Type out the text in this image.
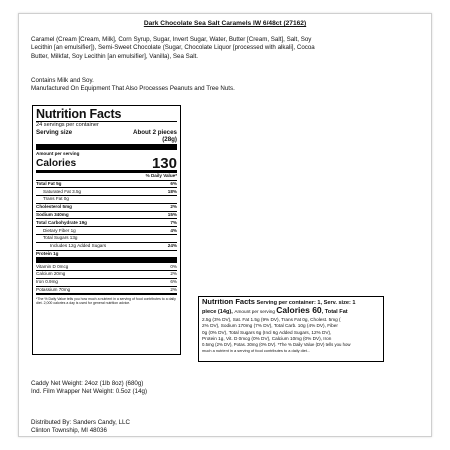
Dark Chocolate Sea Salt Caramels IW 6/48ct (27162)
Caramel (Cream [Cream, Milk], Corn Syrup, Sugar, Invert Sugar, Water, Butter [Cream, Salt], Salt, Soy
Lecithin [an emulsifier]), Semi-Sweet Chocolate (Sugar, Chocolate Liquor [processed with alkali], Cocoa
Butter, Milkfat, Soy Lecithin [an emulsifier], Vanilla), Sea Salt.
Contains Milk and Soy.
Manufactured On Equipment That Also Processes Peanuts and Tree Nuts.
Nutrition Facts
24 servings per container
Serving size	About 2 pieces
(28g)
Amount per serving
Calories	130
% Daily Value*
Total Fat 5g	6%
Saturated Fat 3.5g	18%
Trans Fat 0g
Cholesterol 5mg	2%
Sodium 340mg	15%
Total Carbohydrate 19g	7%
Dietary Fiber 1g	4%
Total Sugars 13g
Includes 12g Added Sugars	24%
Protein 1g
Vitamin D 0mcg	0%
Calcium 20mg	2%
Iron 0.9mg	6%
Potassium 70mg	2%
*The % Daily Value tells you how much a nutrient in a serving of food contributes to a daily diet. 2,000 calories a day is used for general nutrition advice.	Nutrition Facts Serving per container: 1, Serv. size: 1
piece (14g), Amount per serving Calories 60, Total Fat
2.5g (3% DV), Sat. Fat 1.5g (9% DV), Trans Fat 0g, Cholest. 5mg (
2% DV), Sodium 170mg (7% DV), Total Carb. 10g (4% DV), Fiber
0g (0% DV), Total Sugars 6g (Incl 6g Added Sugars, 12% DV),
Protein 1g, Vit. D 0mcg (0% DV), Calcium 10mg (0% DV), Iron
0.5mg (2% DV), Potas. 30mg (0% DV). *The % Daily Value (DV) tells you how
much a nutrient in a serving of food contributes to a daily diet...
Caddy Net Weight: 24oz (1lb 8oz) (680g)
Ind. Film Wrapper Net Weight: 0.5oz (14g)
Distributed By: Sanders Candy, LLC
Clinton Township, MI 48036
